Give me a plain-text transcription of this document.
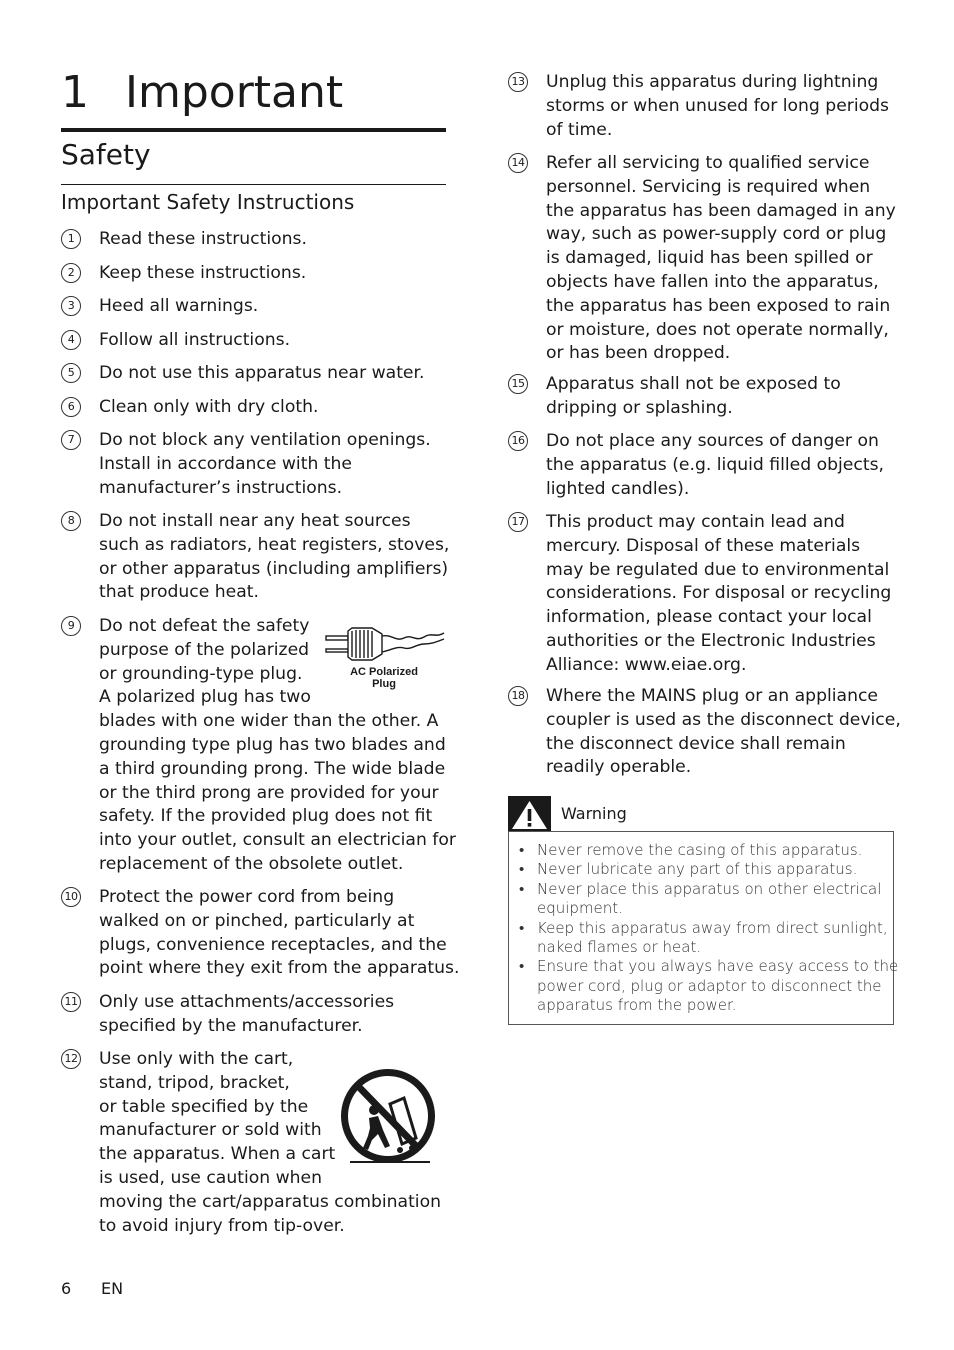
1 Important
Safety
Important Safety Instructions
1	Read these instructions.
2	Keep these instructions.
3	Heed all warnings.
4	Follow all instructions.
5	Do not use this apparatus near water.
6	Clean only with dry cloth.
7	Do not block any ventilation openings.
Install in accordance with the
manufacturer’s instructions.
8	Do not install near any heat sources
such as radiators, heat registers, stoves,
or other apparatus (including amplifiers)
that produce heat.
9	Do not defeat the safety
purpose of the polarized
or grounding-type plug.
A polarized plug has two
blades with one wider than the other. A
grounding type plug has two blades and
a third grounding prong. The wide blade
or the third prong are provided for your
safety. If the provided plug does not fit
into your outlet, consult an electrician for
replacement of the obsolete outlet.
10 Protect the power cord from being
walked on or pinched, particularly at
plugs, convenience receptacles, and the
point where they exit from the apparatus.
11 Only use attachments/accessories
specified by the manufacturer.
12 Use only with the cart,
stand, tripod, bracket,
or table specified by the
manufacturer or sold with
the apparatus. When a cart
is used, use caution when
moving the cart/apparatus combination
to avoid injury from tip-over.
13 Unplug this apparatus during lightning
storms or when unused for long periods
of time.
14 Refer all servicing to qualified service
personnel. Servicing is required when
the apparatus has been damaged in any
way, such as power-supply cord or plug
is damaged, liquid has been spilled or
objects have fallen into the apparatus,
the apparatus has been exposed to rain
or moisture, does not operate normally,
or has been dropped.
15 Apparatus shall not be exposed to
dripping or splashing.
16 Do not place any sources of danger on
the apparatus (e.g. liquid filled objects,
lighted candles).
17 This product may contain lead and
mercury. Disposal of these materials
may be regulated due to environmental
considerations. For disposal or recycling
information, please contact your local
authorities or the Electronic Industries
Alliance: www.eiae.org.
18 Where the MAINS plug or an appliance
coupler is used as the disconnect device,
the disconnect device shall remain
readily operable.
AC Polarized
Plug
Warning
• Never remove the casing of this apparatus.
• Never lubricate any part of this apparatus.
• Never place this apparatus on other electrical
equipment.
• Keep this apparatus away from direct sunlight,
naked flames or heat.
• Ensure that you always have easy access to the
power cord, plug or adaptor to disconnect the
apparatus from the power.
6	EN
